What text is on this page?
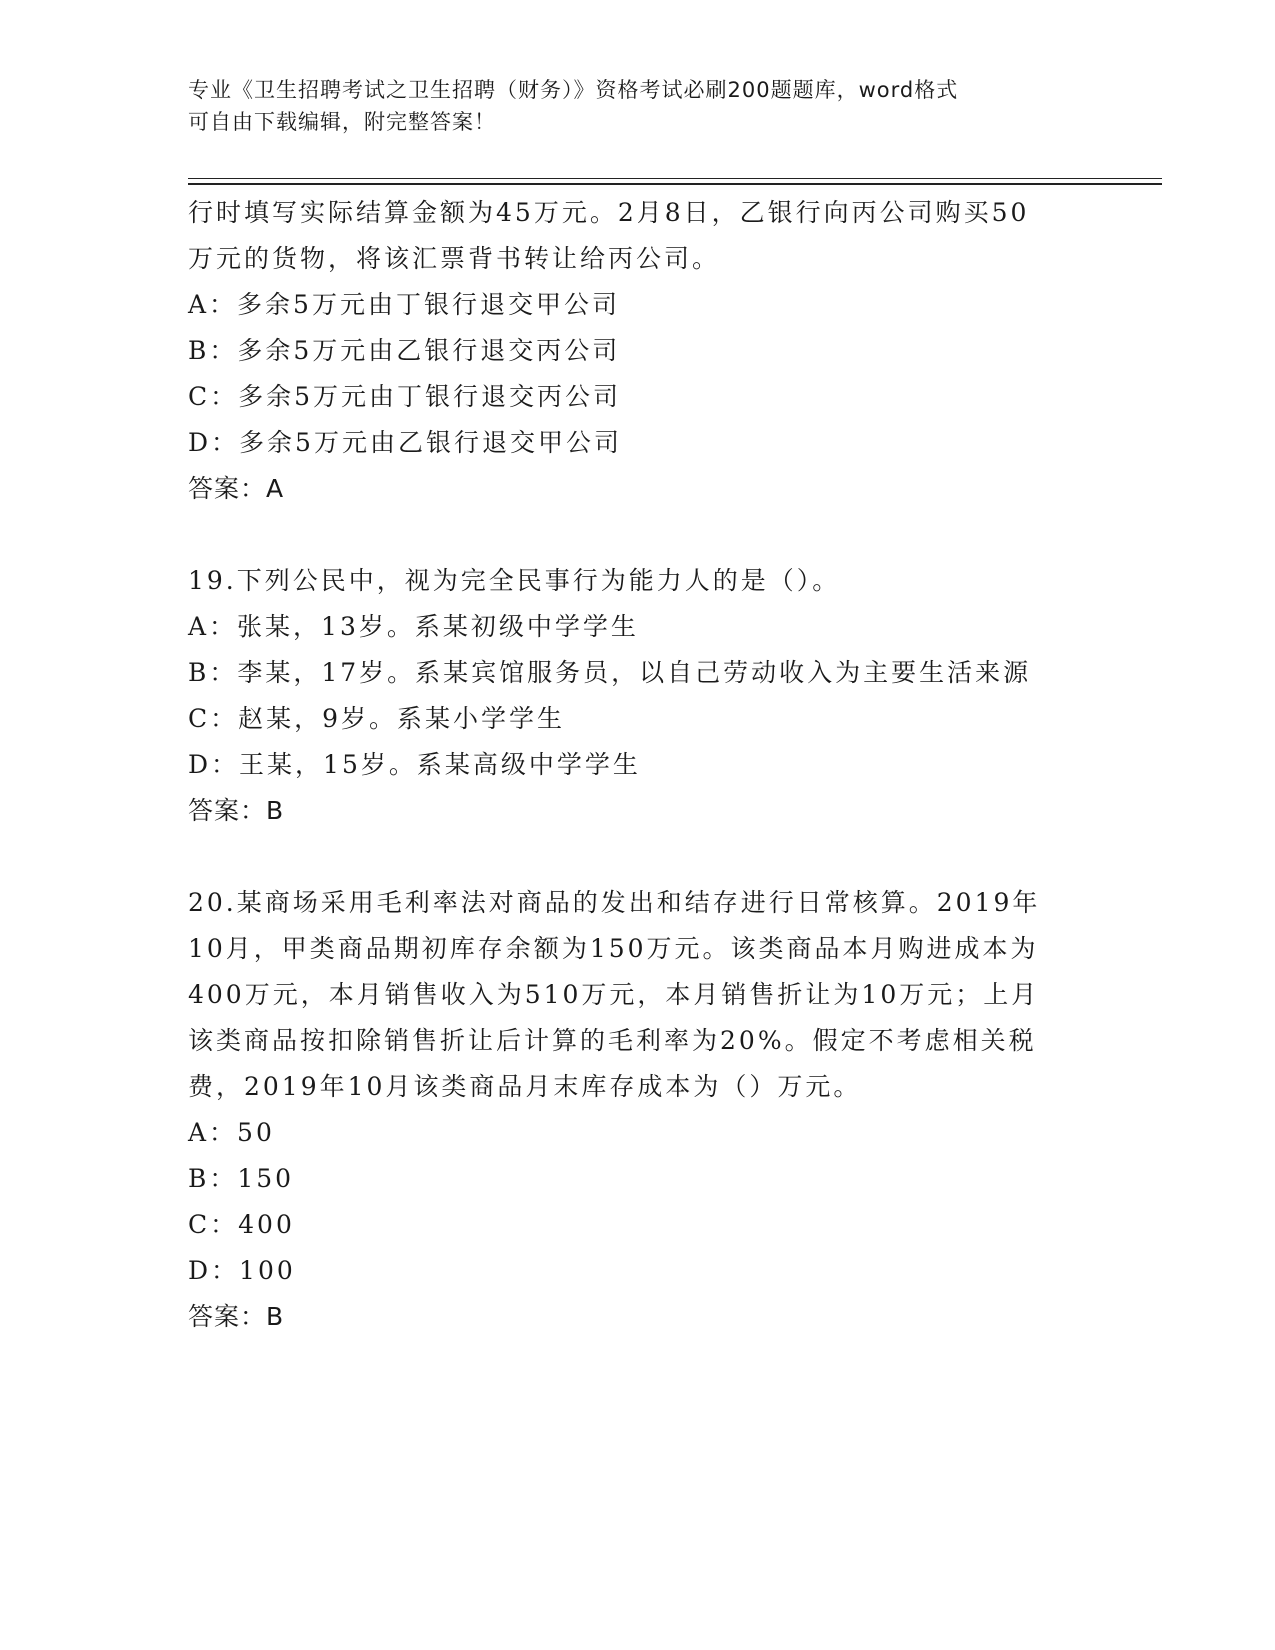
专业《卫生招聘考试之卫生招聘（财务）》资格考试必刷200题题库，word格式
可自由下载编辑，附完整答案！
行时填写实际结算金额为45万元。2月8日，乙银行向丙公司购买50
万元的货物，将该汇票背书转让给丙公司。
A：多余5万元由丁银行退交甲公司
B：多余5万元由乙银行退交丙公司
C：多余5万元由丁银行退交丙公司
D：多余5万元由乙银行退交甲公司
答案：A
19.下列公民中，视为完全民事行为能力人的是（）。
A：张某，13岁。系某初级中学学生
B：李某，17岁。系某宾馆服务员，以自己劳动收入为主要生活来源
C：赵某，9岁。系某小学学生
D：王某，15岁。系某高级中学学生
答案：B
20.某商场采用毛利率法对商品的发出和结存进行日常核算。2019年
10月，甲类商品期初库存余额为150万元。该类商品本月购进成本为
400万元，本月销售收入为510万元，本月销售折让为10万元；上月
该类商品按扣除销售折让后计算的毛利率为20%。假定不考虑相关税
费，2019年10月该类商品月末库存成本为（）万元。
A：50
B：150
C：400
D：100
答案：B
